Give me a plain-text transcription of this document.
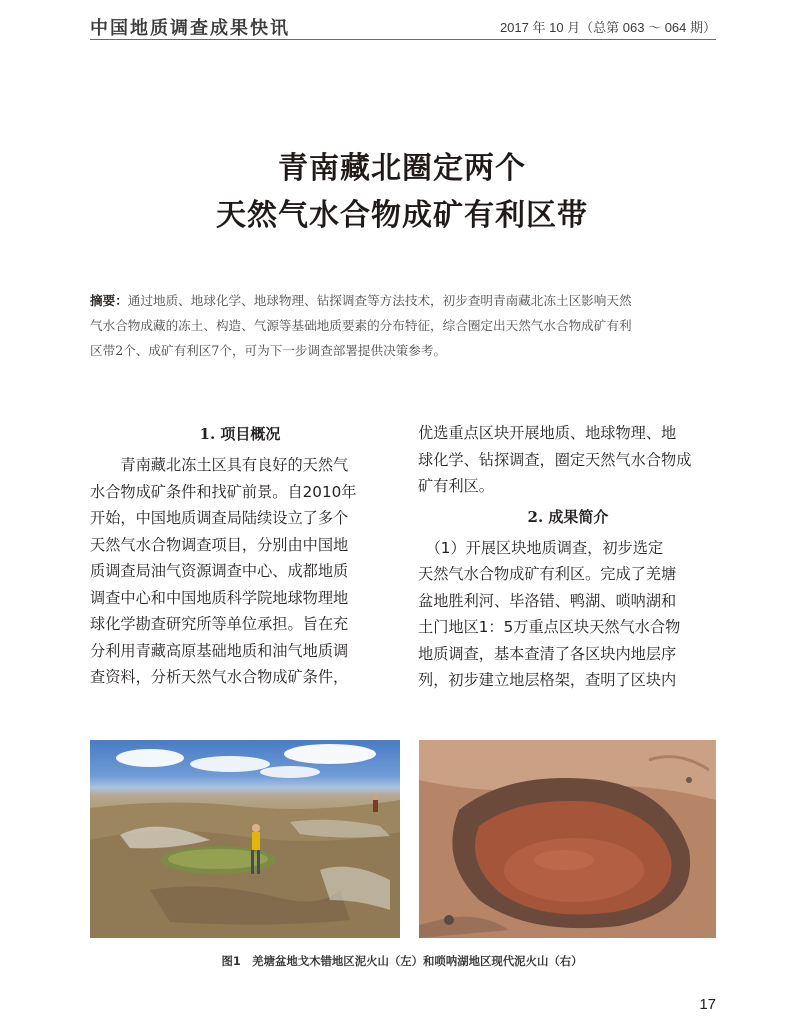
中国地质调查成果快讯	2017 年 10 月（总第 063 ～ 064 期）
青南藏北圈定两个
天然气水合物成矿有利区带
摘要：通过地质、地球化学、地球物理、钻探调查等方法技术，初步查明青南藏北冻土区影响天然
气水合物成藏的冻土、构造、气源等基础地质要素的分布特征，综合圈定出天然气水合物成矿有利
区带2个、成矿有利区7个，可为下一步调查部署提供决策参考。
1. 项目概况
　　青南藏北冻土区具有良好的天然气
水合物成矿条件和找矿前景。自2010年
开始，中国地质调查局陆续设立了多个
天然气水合物调查项目，分别由中国地
质调查局油气资源调查中心、成都地质
调查中心和中国地质科学院地球物理地
球化学勘查研究所等单位承担。旨在充
分利用青藏高原基础地质和油气地质调
查资料，分析天然气水合物成矿条件，
优选重点区块开展地质、地球物理、地
球化学、钻探调查，圈定天然气水合物成
矿有利区。
2. 成果简介
　（1）开展区块地质调查，初步选定
天然气水合物成矿有利区。完成了羌塘
盆地胜利河、毕洛错、鸭湖、唢呐湖和
土门地区1：5万重点区块天然气水合物
地质调查，基本查清了各区块内地层序
列，初步建立地层格架，查明了区块内
图1　羌塘盆地戈木错地区泥火山（左）和唢呐湖地区现代泥火山（右）
17
